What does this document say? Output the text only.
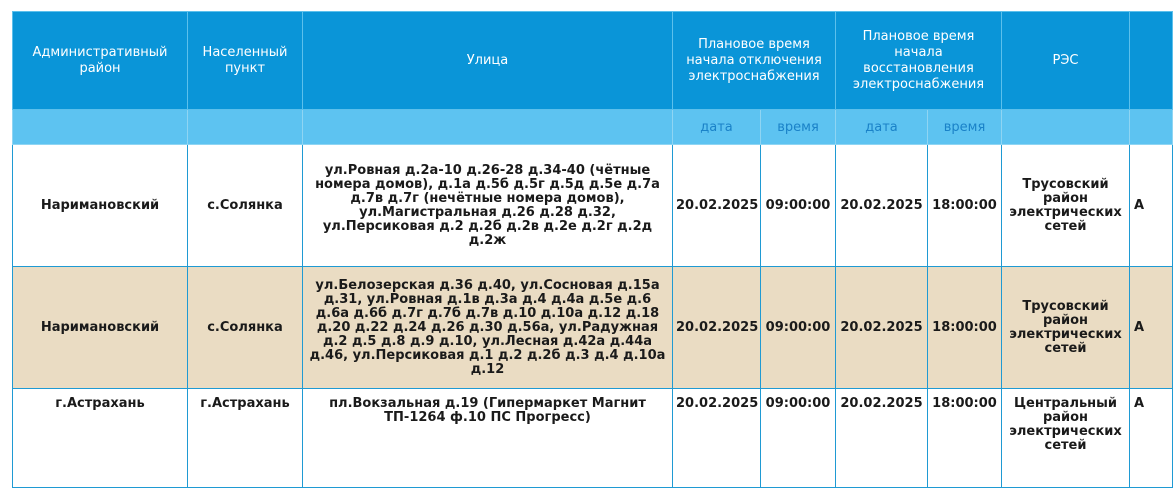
Административный район	Населенный пункт	Улица	Плановое время начала отключения электроснабжения		Плановое время начала восстановления электроснабжения		РЭС	
			дата	время	дата	время		
Наримановский	с.Солянка	ул.Ровная д.2а-10 д.26-28 д.34-40 (чётные номера домов), д.1а д.5б д.5г д.5д д.5е д.7а д.7в д.7г (нечётные номера домов), ул.Магистральная д.26 д.28 д.32, ул.Персиковая д.2 д.2б д.2в д.2е д.2г д.2д д.2ж	20.02.2025	09:00:00	20.02.2025	18:00:00	Трусовский район электрических сетей	А
Наримановский	с.Солянка	ул.Белозерская д.36 д.40, ул.Сосновая д.15а д.31, ул.Ровная д.1в д.3а д.4 д.4а д.5е д.6 д.6а д.6б д.7г д.7б д.7в д.10 д.10а д.12 д.18 д.20 д.22 д.24 д.26 д.30 д.56а, ул.Радужная д.2 д.5 д.8 д.9 д.10, ул.Лесная д.42а д.44а д.46, ул.Персиковая д.1 д.2 д.2б д.3 д.4 д.10а д.12	20.02.2025	09:00:00	20.02.2025	18:00:00	Трусовский район электрических сетей	А
г.Астрахань	г.Астрахань	пл.Вокзальная д.19 (Гипермаркет Магнит ТП-1264 ф.10 ПС Прогресс)	20.02.2025	09:00:00	20.02.2025	18:00:00	Центральный район электрических сетей	А
